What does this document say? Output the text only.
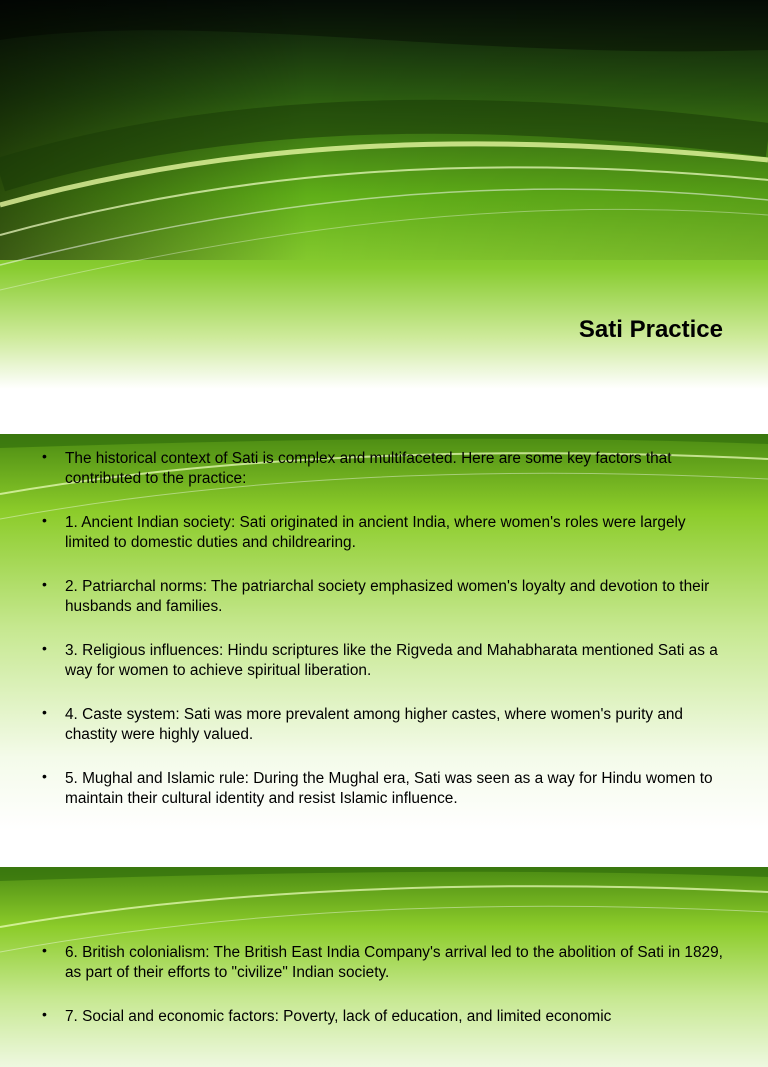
Sati Practice
• The historical context of Sati is complex and multifaceted. Here are some key factors that contributed to the practice:
• 1. Ancient Indian society: Sati originated in ancient India, where women's roles were largely limited to domestic duties and childrearing.
• 2. Patriarchal norms: The patriarchal society emphasized women's loyalty and devotion to their husbands and families.
• 3. Religious influences: Hindu scriptures like the Rigveda and Mahabharata mentioned Sati as a way for women to achieve spiritual liberation.
• 4. Caste system: Sati was more prevalent among higher castes, where women's purity and chastity were highly valued.
• 5. Mughal and Islamic rule: During the Mughal era, Sati was seen as a way for Hindu women to maintain their cultural identity and resist Islamic influence.
• 6. British colonialism: The British East India Company's arrival led to the abolition of Sati in 1829, as part of their efforts to "civilize" Indian society.
• 7. Social and economic factors: Poverty, lack of education, and limited economic
